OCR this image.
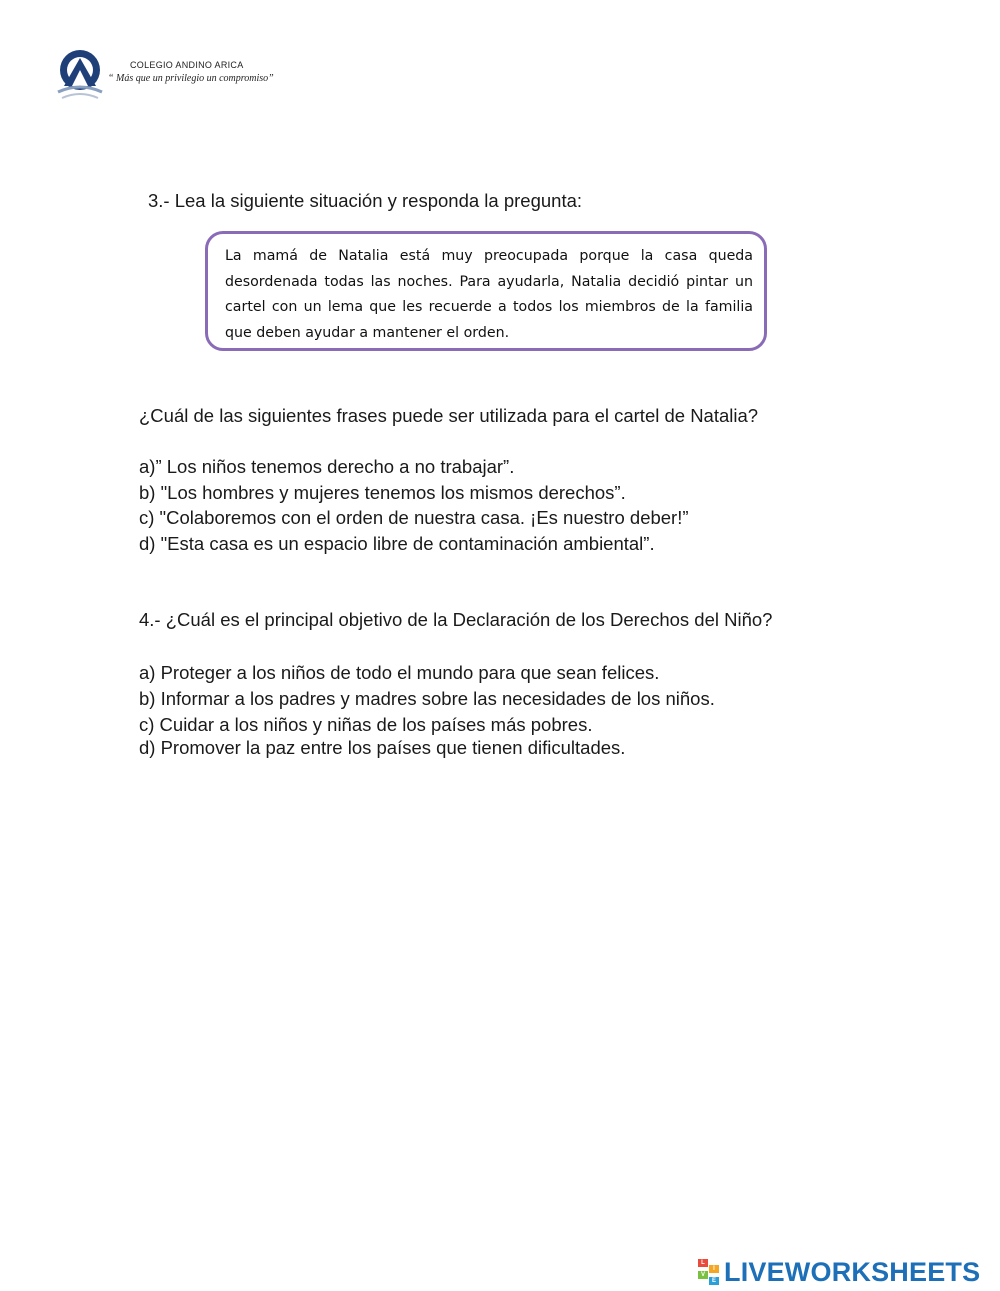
COLEGIO ANDINO ARICA
“ Más que un privilegio un compromiso”
3.- Lea la siguiente situación y responda la pregunta:
La mamá de Natalia está muy preocupada porque la casa queda desordenada todas las noches. Para ayudarla, Natalia decidió pintar un cartel con un lema que les recuerde a todos los miembros de la familia que deben ayudar a mantener el orden.
¿Cuál de las siguientes frases puede ser utilizada para el cartel de Natalia?
a)” Los niños tenemos derecho a no trabajar”.
b) "Los hombres y mujeres tenemos los mismos derechos”.
c) "Colaboremos con el orden de nuestra casa. ¡Es nuestro deber!”
d) "Esta casa es un espacio libre de contaminación ambiental”.
4.- ¿Cuál es el principal objetivo de la Declaración de los Derechos del Niño?
a) Proteger a los niños de todo el mundo para que sean felices.
b) Informar a los padres y madres sobre las necesidades de los niños.
c) Cuidar a los niños y niñas de los países más pobres.
d) Promover la paz entre los países que tienen dificultades.
L
I
V
E LIVEWORKSHEETS
